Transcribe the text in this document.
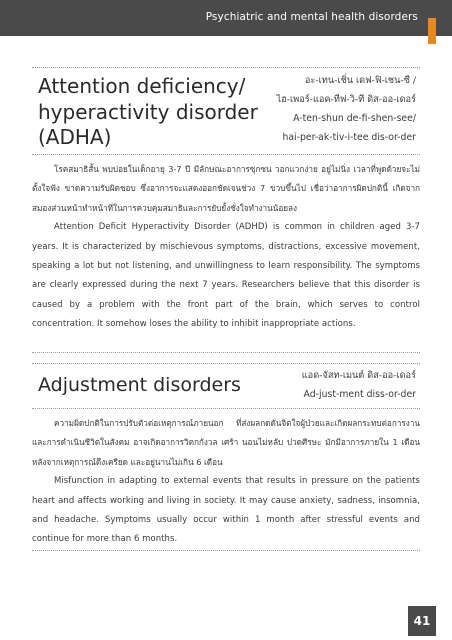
Psychiatric and mental health disorders
Attention deficiency/
hyperactivity disorder
(ADHA)
อะ-เทน-เชิ่น เดฟ-ฟิ-เชน-ซี /
ไฮ-เพอร์-แอค-ทีฟ-วิ-ที ดิส-ออ-เดอร์
A-ten-shun de-fi-shen-see/
hai-per-ak-tiv-i-tee dis-or-der

โรคสมาธิสั้น พบบ่อยในเด็กอายุ 3-7 ปี มีลักษณะอาการซุกซน วอกแวกง่าย อยู่ไม่นิ่ง เวลาที่พูดด้วยจะไม่ตั้งใจฟัง ขาดความรับผิดชอบ ซึ่งอาการจะแสดงออกชัดเจนช่วง 7 ขวบขึ้นไป เชื่อว่าอาการผิดปกตินี้ เกิดจากสมองส่วนหน้าทำหน้าที่ในการควบคุมสมาธิและการยับยั้งชั่งใจทำงานน้อยลง

Attention Deficit Hyperactivity Disorder (ADHD) is common in children aged 3-7 years. It is characterized by mischievous symptoms, distractions, excessive movement, speaking a lot but not listening, and unwillingness to learn responsibility. The symptoms are clearly expressed during the next 7 years. Researchers believe that this disorder is caused by a problem with the front part of the brain, which serves to control concentration. It somehow loses the ability to inhibit inappropriate actions.

Adjustment disorders	แอด-จัสท-เมนต์ ดิส-ออ-เดอร์
Ad-just-ment diss-or-der

ความผิดปกติในการปรับตัวต่อเหตุการณ์ภายนอก ที่ส่งผลกดดันจิตใจผู้ป่วยและเกิดผลกระทบต่อการงาน และการดำเนินชีวิตในสังคม อาจเกิดอาการวิตกกังวล เศร้า นอนไม่หลับ ปวดศีรษะ มักมีอาการภายใน 1 เดือนหลังจากเหตุการณ์ตึงเครียด และอยู่นานไม่เกิน 6 เดือน

Misfunction in adapting to external events that results in pressure on the patients heart and affects working and living in society. It may cause anxiety, sadness, insomnia, and headache. Symptoms usually occur within 1 month after stressful events and continue for more than 6 months.

41
